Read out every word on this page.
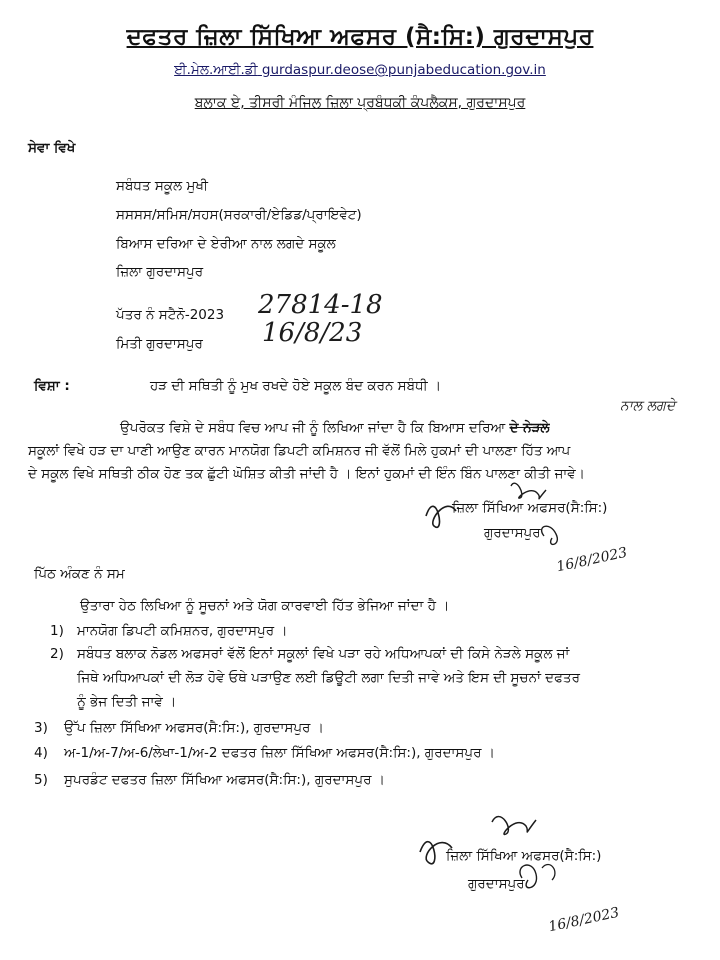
ਦਫਤਰ ਜ਼ਿਲਾ ਸਿੱਖਿਆ ਅਫਸਰ (ਸੈ:ਸਿ:) ਗੁਰਦਾਸਪੁਰ
ਈ.ਮੇਲ.ਆਈ.ਡੀ gurdaspur.deose@punjabeducation.gov.in
ਬਲਾਕ ਏ, ਤੀਸਰੀ ਮੰਜਿਲ ਜ਼ਿਲਾ ਪ੍ਰਬੰਧਕੀ ਕੰਪਲੈਕਸ, ਗੁਰਦਾਸਪੁਰ
ਸੇਵਾ ਵਿਖੇ
ਸਬੰਧਤ ਸਕੂਲ ਮੁਖੀ
ਸਸਸਸ/ਸਮਿਸ/ਸਹਸ(ਸਰਕਾਰੀ/ਏਡਿਡ/ਪ੍ਰਾਇਵੇਟ)
ਬਿਆਸ ਦਰਿਆ ਦੇ ਏਰੀਆ ਨਾਲ ਲਗਦੇ ਸਕੂਲ
ਜ਼ਿਲਾ ਗੁਰਦਾਸਪੁਰ
ਪੱਤਰ ਨੰ ਸਟੈਨੋ-2023 27814-18
ਮਿਤੀ ਗੁਰਦਾਸਪੁਰ 16/8/23
ਵਿਸ਼ਾ :	ਹੜ ਦੀ ਸਥਿਤੀ ਨੂੰ ਮੁਖ ਰਖਦੇ ਹੋਏ ਸਕੂਲ ਬੰਦ ਕਰਨ ਸਬੰਧੀ ।
ਉਪਰੋਕਤ ਵਿਸ਼ੇ ਦੇ ਸਬੰਧ ਵਿਚ ਆਪ ਜੀ ਨੂੰ ਲਿਖਿਆ ਜਾਂਦਾ ਹੈ ਕਿ ਬਿਆਸ ਦਰਿਆ ਦੇ ਨੇੜਲੇ
ਨਾਲ ਲਗਦੇ
ਸਕੂਲਾਂ ਵਿਖੇ ਹੜ ਦਾ ਪਾਣੀ ਆਉਣ ਕਾਰਨ ਮਾਨਯੋਗ ਡਿਪਟੀ ਕਮਿਸ਼ਨਰ ਜੀ ਵੱਲੋਂ ਮਿਲੇ ਹੁਕਮਾਂ ਦੀ ਪਾਲਣਾ ਹਿੱਤ ਆਪ
ਦੇ ਸਕੂਲ ਵਿਖੇ ਸਥਿਤੀ ਠੀਕ ਹੋਣ ਤਕ ਛੁੱਟੀ ਘੋਸ਼ਿਤ ਕੀਤੀ ਜਾਂਦੀ ਹੈ । ਇਨਾਂ ਹੁਕਮਾਂ ਦੀ ਇੰਨ ਬਿੰਨ ਪਾਲਣਾ ਕੀਤੀ ਜਾਵੇ।
ਜ਼ਿਲਾ ਸਿੱਖਿਆ ਅਫਸਰ(ਸੈ:ਸਿ:)
ਗੁਰਦਾਸਪੁਰ
16/8/2023
ਪਿੱਠ ਅੰਕਣ ਨੰ ਸਮ
ਉਤਾਰਾ ਹੇਠ ਲਿਖਿਆ ਨੂੰ ਸੂਚਨਾਂ ਅਤੇ ਯੋਗ ਕਾਰਵਾਈ ਹਿੱਤ ਭੇਜਿਆ ਜਾਂਦਾ ਹੈ ।
1) ਮਾਨਯੋਗ ਡਿਪਟੀ ਕਮਿਸ਼ਨਰ, ਗੁਰਦਾਸਪੁਰ ।
2) ਸਬੰਧਤ ਬਲਾਕ ਨੋਡਲ ਅਫਸਰਾਂ ਵੱਲੋਂ ਇਨਾਂ ਸਕੂਲਾਂ ਵਿਖੇ ਪੜਾ ਰਹੇ ਅਧਿਆਪਕਾਂ ਦੀ ਕਿਸੇ ਨੇੜਲੇ ਸਕੂਲ ਜਾਂ
ਜਿਥੇ ਅਧਿਆਪਕਾਂ ਦੀ ਲੋੜ ਹੋਵੇ ਓਥੇ ਪੜਾਉਣ ਲਈ ਡਿਊਟੀ ਲਗਾ ਦਿਤੀ ਜਾਵੇ ਅਤੇ ਇਸ ਦੀ ਸੂਚਨਾਂ ਦਫਤਰ
ਨੂੰ ਭੇਜ ਦਿਤੀ ਜਾਵੇ ।
3) ਉੱਪ ਜ਼ਿਲਾ ਸਿੱਖਿਆ ਅਫਸਰ(ਸੈ:ਸਿ:), ਗੁਰਦਾਸਪੁਰ ।
4) ਅ-1/ਅ-7/ਅ-6/ਲੇਖਾ-1/ਅ-2 ਦਫਤਰ ਜ਼ਿਲਾ ਸਿੱਖਿਆ ਅਫਸਰ(ਸੈ:ਸਿ:), ਗੁਰਦਾਸਪੁਰ ।
5) ਸੁਪਰਡੰਟ ਦਫਤਰ ਜ਼ਿਲਾ ਸਿੱਖਿਆ ਅਫਸਰ(ਸੈ:ਸਿ:), ਗੁਰਦਾਸਪੁਰ ।
ਜ਼ਿਲਾ ਸਿੱਖਿਆ ਅਫਸਰ(ਸੈ:ਸਿ:)
ਗੁਰਦਾਸਪੁਰ
16/8/2023
